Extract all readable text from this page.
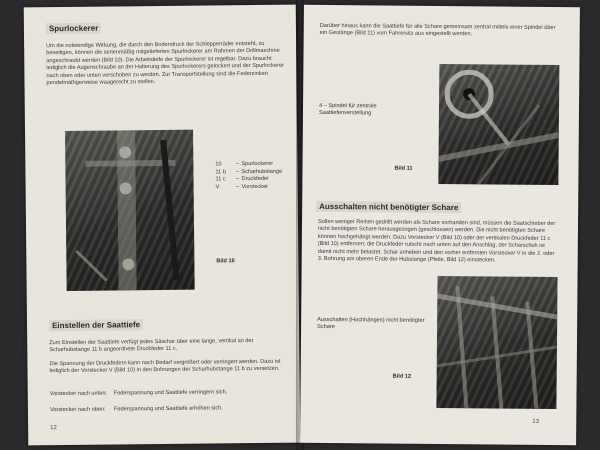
Spurlockerer
Um die notwendige Wirkung, die durch den Bodendruck der Schlepperräder entsteht, zu beseitigen, können die serienmäßig mitgelieferten Spurlockerer am Rahmen der Drillmaschine angeschraubt werden (Bild 10). Die Arbeitstiefe der Spurlockerer ist regelbar. Dazu braucht lediglich die Augenschraube an der Halterung des Spurlockerers gelockert und der Spurlockerer nach oben oder unten verschoben zu werden. Zur Transportstellung sind die Federzinken pendelmäßigerweise waagerecht zu stellen.
10	– Spurlockerer
11 b	– Scharhubstange
11 c	– Druckfeder
V	– Vorstecker
Bild 10
Einstellen der Saattiefe
Zum Einstellen der Saattiefe verfügt jedes Säschar über eine lange, vertikal an der Scharhubstange 11 b angeordnete Druckfeder 11 c.
Die Spannung der Druckfedern kann nach Bedarf vergrößert oder verringert werden. Dazu ist lediglich der Vorstecker V (Bild 10) in den Bohrungen der Scharhubstange 11 b zu versetzen.
Vorstecker nach unten: Federspannung und Saattiefe verringern sich.
Vorstecker nach oben: Federspannung und Saattiefe erhöhen sich.
12
Darüber hinaus kann die Saattiefe für alle Schare gemeinsam zentral mittels einer Spindel über ein Gestänge (Bild 11) vom Fahrersitz aus eingestellt werden.
4 – Spindel für zentrale Saattiefenverstellung
Bild 11
Ausschalten nicht benötigter Schare
Sollen weniger Reihen gedrillt werden als Schare vorhanden sind, müssen die Saatschieber der nicht benötigten Schare herausgezogen (geschlossen) werden. Die nicht benötigten Schare können hochgehängt werden. Dazu Vorstecker V (Bild 10) oder der vertikalen Druckfeder 11 c (Bild 10) entfernen; die Druckfeder rutscht nach unten auf den Anschlag, der Scharschuh ist damit nicht mehr belastet. Schar anheben und den vorher entfernten Vorstecker V in die 2. oder 3. Bohrung am oberen Ende der Hubstange (Pfeile, Bild 12) einstecken.
Ausschalten (Hochhängen) nicht benötigter Schare
Bild 12
13
